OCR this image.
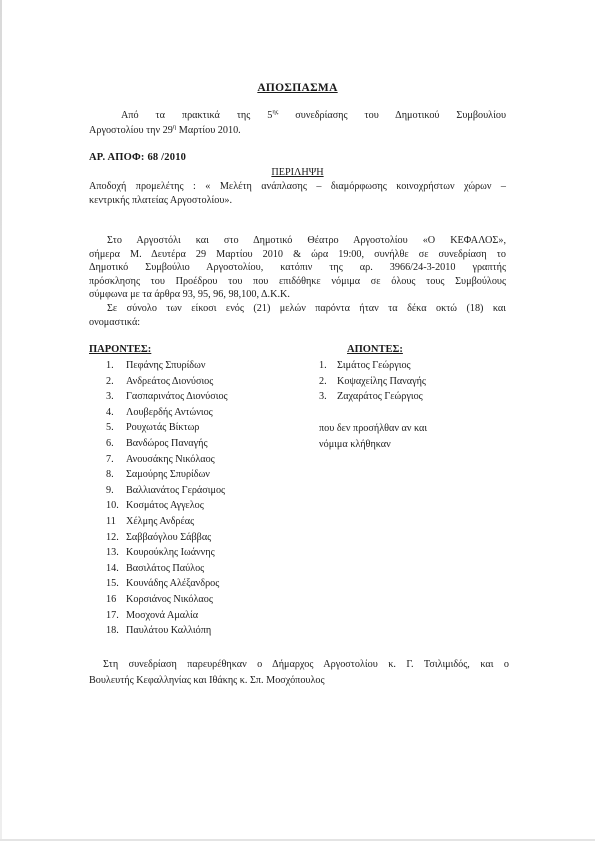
ΑΠΟΣΠΑΣΜΑ
Από τα πρακτικά της $5^{\eta\varsigma}$ συνεδρίασης του Δημοτικού Συμβουλίου
Αργοστολίου την $29^\eta$ Μαρτίου 2010.
ΑΡ. ΑΠΟΦ: 68 /2010
ΠΕΡΙΛΗΨΗ
Αποδοχή προμελέτης : « Μελέτη ανάπλασης – διαμόρφωσης κοινοχρήστων χώρων –
κεντρικής πλατείας Αργοστολίου».
Στο Αργοστόλι και στο Δημοτικό Θέατρο Αργοστολίου «Ο ΚΕΦΑΛΟΣ»,
σήμερα Μ. Δευτέρα 29 Μαρτίου 2010 & ώρα 19:00, συνήλθε σε συνεδρίαση το
Δημοτικό Συμβούλιο Αργοστολίου, κατόπιν της αρ. 3966/24-3-2010 γραπτής
πρόσκλησης του Προέδρου του που επιδόθηκε νόμιμα σε όλους τους Συμβούλους
σύμφωνα με τα άρθρα 93, 95, 96, 98,100, Δ.Κ.Κ.
Σε σύνολο των είκοσι ενός (21) μελών παρόντα ήταν τα δέκα οκτώ (18) και
ονομαστικά:
ΠΑΡΟΝΤΕΣ:	ΑΠΟΝΤΕΣ:
1. Πεφάνης Σπυρίδων
2. Ανδρεάτος Διονύσιος
3. Γασπαρινάτος Διονύσιος
4. Λουβερδής Αντώνιος
5. Ρουχωτάς Βίκτωρ
6. Βανδώρος Παναγής
7. Ανουσάκης Νικόλαος
8. Σαμούρης Σπυρίδων
9. Βαλλιανάτος Γεράσιμος
10. Κοσμάτος Αγγελος
11 Χέλμης Ανδρέας
12. Σαββαόγλου Σάββας
13. Κουρούκλης Ιωάννης
14. Βασιλάτος Παύλος
15. Κουνάδης Αλέξανδρος
16 Κορσιάνος Νικόλαος
17. Μοσχονά Αμαλία
18. Παυλάτου Καλλιόπη
1. Σιμάτος Γεώργιος
2. Κοψαχείλης Παναγής
3. Ζαχαράτος Γεώργιος
που δεν προσήλθαν αν και
νόμιμα κλήθηκαν
Στη συνεδρίαση παρευρέθηκαν ο Δήμαρχος Αργοστολίου κ. Γ. Τσιλιμιδός, και ο
Βουλευτής Κεφαλληνίας και Ιθάκης κ. Σπ. Μοσχόπουλος
